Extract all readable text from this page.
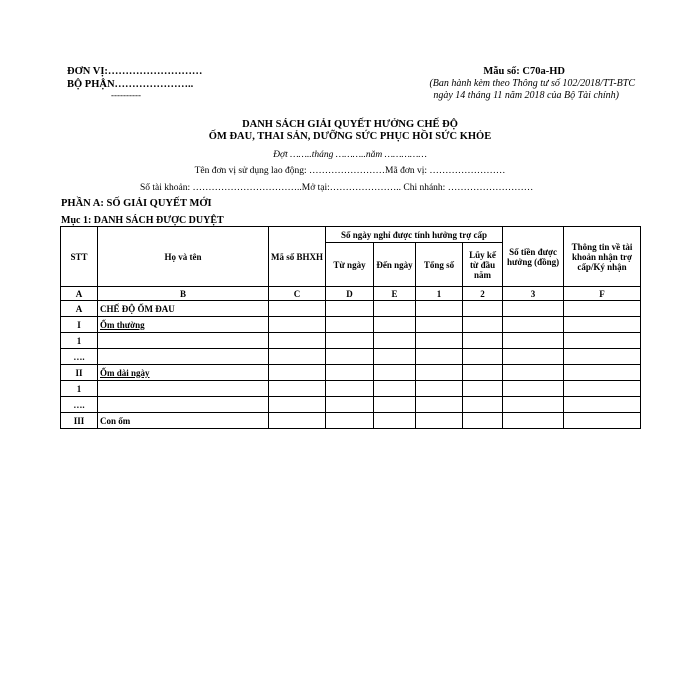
ĐƠN VỊ:………………………
BỘ PHẬN…………………..
----------
Mẫu số: C70a-HD
(Ban hành kèm theo Thông tư số 102/2018/TT-BTC
ngày 14 tháng 11 năm 2018 của Bộ Tài chính)
DANH SÁCH GIẢI QUYẾT HƯỞNG CHẾ ĐỘ
ỐM ĐAU, THAI SẢN, DƯỠNG SỨC PHỤC HỒI SỨC KHỎE
Đợt ……..tháng ………..năm ……………
Tên đơn vị sử dụng lao động: ……………………Mã đơn vị: ……………………
Số tài khoản: ……………………………..Mở tại:………………….. Chi nhánh: ………………………
PHẦN A: SỐ GIẢI QUYẾT MỚI
Mục 1: DANH SÁCH ĐƯỢC DUYỆT
STT	Họ và tên	Mã số BHXH	Số ngày nghỉ được tính hưởng trợ cấp				Số tiền được hưởng (đồng)	Thông tin về tài khoản nhận trợ cấp/Ký nhận
			Từ ngày	Đến ngày	Tổng số	Lũy kế từ đầu năm		
A	B	C	D	E	1	2	3	F
A	CHẾ ĐỘ ỐM ĐAU							
I	Ốm thường							
1								
….								
II	Ốm dài ngày							
1								
….								
III	Con ốm							
